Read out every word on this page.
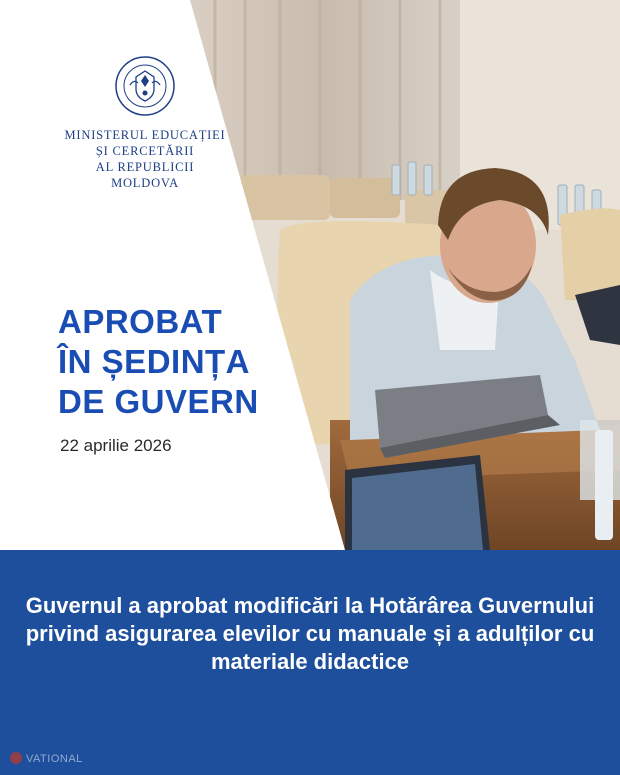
MINISTERUL EDUCAȚIEI
ȘI CERCETĂRII
AL REPUBLICII MOLDOVA
APROBAT
ÎN ȘEDINȚA
DE GUVERN
22 aprilie 2026
Guvernul a aprobat modificări la Hotărârea Guvernului privind asigurarea elevilor cu manuale și a adulților cu materiale didactice
VATIONAL
